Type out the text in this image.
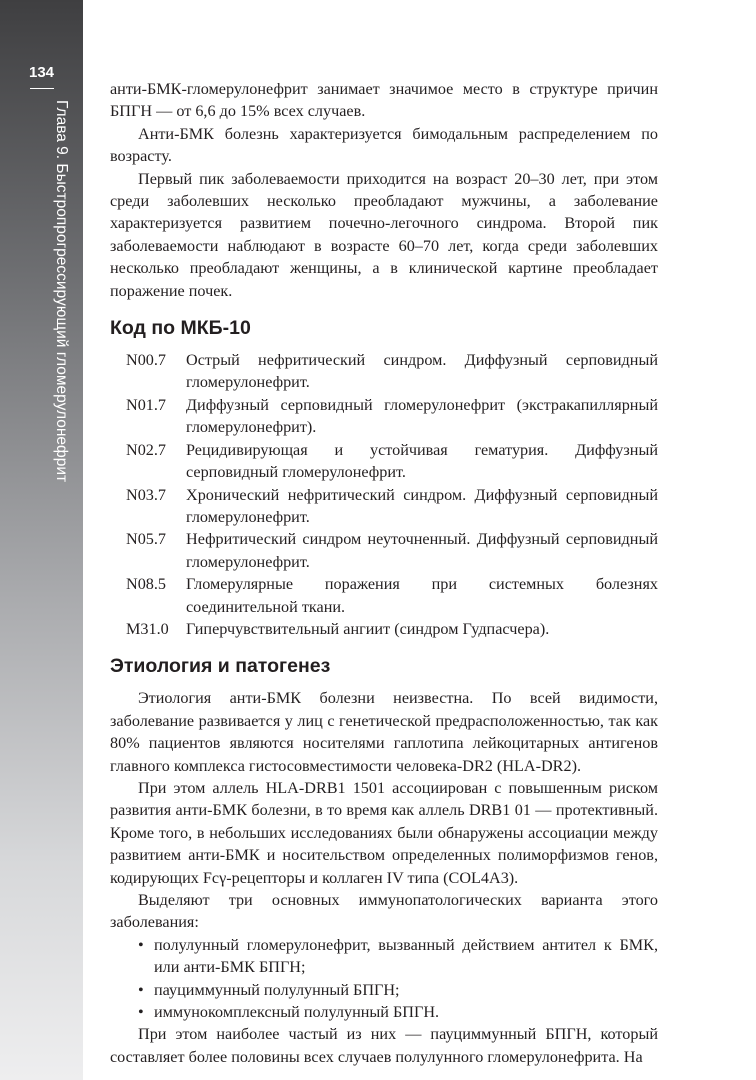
134
Глава 9. Быстропрогрессирующий гломерулонефрит

анти-БМК-гломерулонефрит занимает значимое место в структуре причин БПГН — от 6,6 до 15% всех случаев.

Анти-БМК болезнь характеризуется бимодальным распределением по возрасту.

Первый пик заболеваемости приходится на возраст 20–30 лет, при этом среди заболевших несколько преобладают мужчины, а заболевание характеризуется развитием почечно-легочного синдрома. Второй пик заболеваемости наблюдают в возрасте 60–70 лет, когда среди заболевших несколько преобладают женщины, а в клинической картине преобладает поражение почек.

Код по МКБ-10
N00.7	Острый нефритический синдром. Диффузный серповидный гломерулонефрит.
N01.7	Диффузный серповидный гломерулонефрит (экстракапиллярный гломерулонефрит).
N02.7	Рецидивирующая и устойчивая гематурия. Диффузный серповидный гломерулонефрит.
N03.7	Хронический нефритический синдром. Диффузный серповидный гломерулонефрит.
N05.7	Нефритический синдром неуточненный. Диффузный серповидный гломерулонефрит.
N08.5	Гломерулярные поражения при системных болезнях соединительной ткани.
M31.0	Гиперчувствительный ангиит (синдром Гудпасчера).
Этиология и патогенез

Этиология анти-БМК болезни неизвестна. По всей видимости, заболевание развивается у лиц с генетической предрасположенностью, так как 80% пациентов являются носителями гаплотипа лейкоцитарных антигенов главного комплекса гистосовместимости человека-DR2 (HLA-DR2).

При этом аллель HLA-DRB1 1501 ассоциирован с повышенным риском развития анти-БМК болезни, в то время как аллель DRB1 01 — протективный. Кроме того, в небольших исследованиях были обнаружены ассоциации между развитием анти-БМК и носительством определенных полиморфизмов генов, кодирующих Fcγ-рецепторы и коллаген IV типа (COL4A3).

Выделяют три основных иммунопатологических варианта этого заболевания:

• полулунный гломерулонефрит, вызванный действием антител к БМК, или анти-БМК БПГН;
• пауциммунный полулунный БПГН;
• иммунокомплексный полулунный БПГН.

При этом наиболее частый из них — пауциммунный БПГН, который составляет более половины всех случаев полулунного гломерулонефрита. На
